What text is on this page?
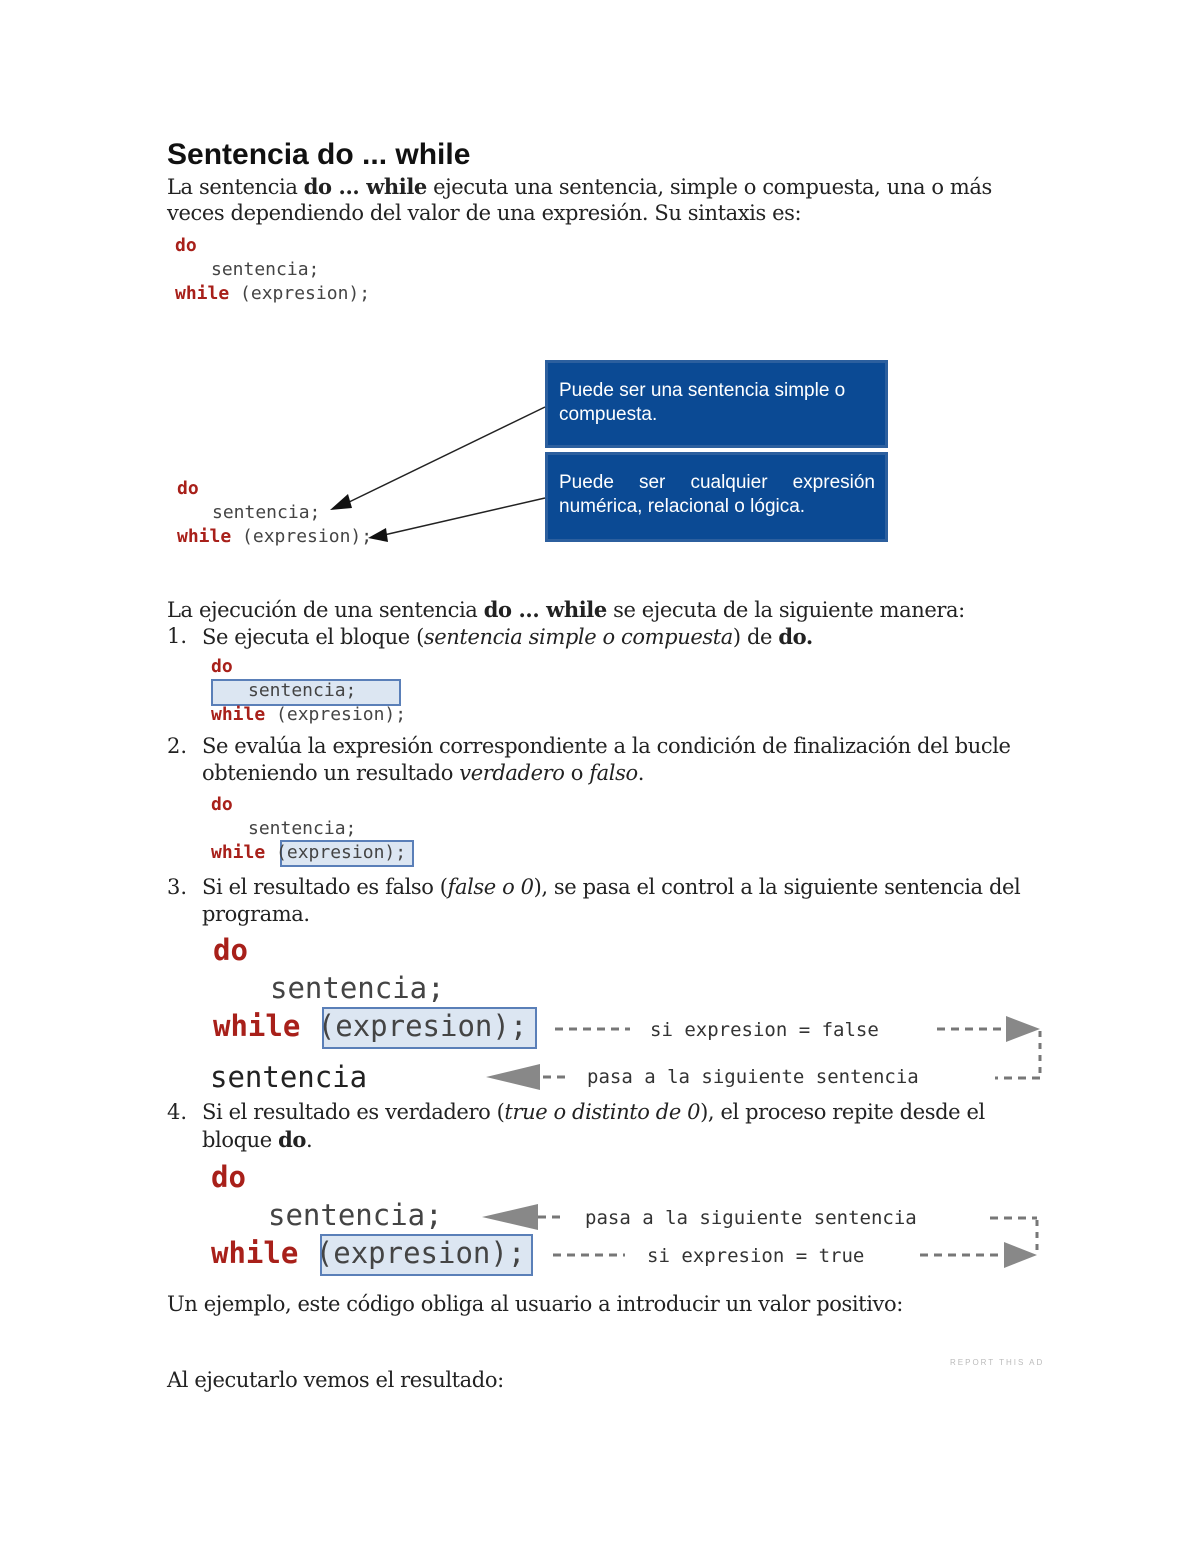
Sentencia do ... while
La sentencia do ... while ejecuta una sentencia, simple o compuesta, una o más
veces dependiendo del valor de una expresión. Su sintaxis es:
do
sentencia;
while (expresion);
Puede ser una sentencia simple o compuesta.
Puede ser cualquier expresión numérica, relacional o lógica.
do
sentencia;
while (expresion);
La ejecución de una sentencia do ... while se ejecuta de la siguiente manera:
1. Se ejecuta el bloque (sentencia simple o compuesta) de do.
do
sentencia;
while (expresion);
2. Se evalúa la expresión correspondiente a la condición de finalización del bucle
obteniendo un resultado verdadero o falso.
do
sentencia;
while (expresion);
3. Si el resultado es falso (false o 0), se pasa el control a la siguiente sentencia del
programa.
do
sentencia;
while (expresion);
sentencia
si expresion = false
pasa a la siguiente sentencia
4. Si el resultado es verdadero (true o distinto de 0), el proceso repite desde el
bloque do.
do
sentencia;
while (expresion);
pasa a la siguiente sentencia
si expresion = true
Un ejemplo, este código obliga al usuario a introducir un valor positivo:
REPORT THIS AD
Al ejecutarlo vemos el resultado:
